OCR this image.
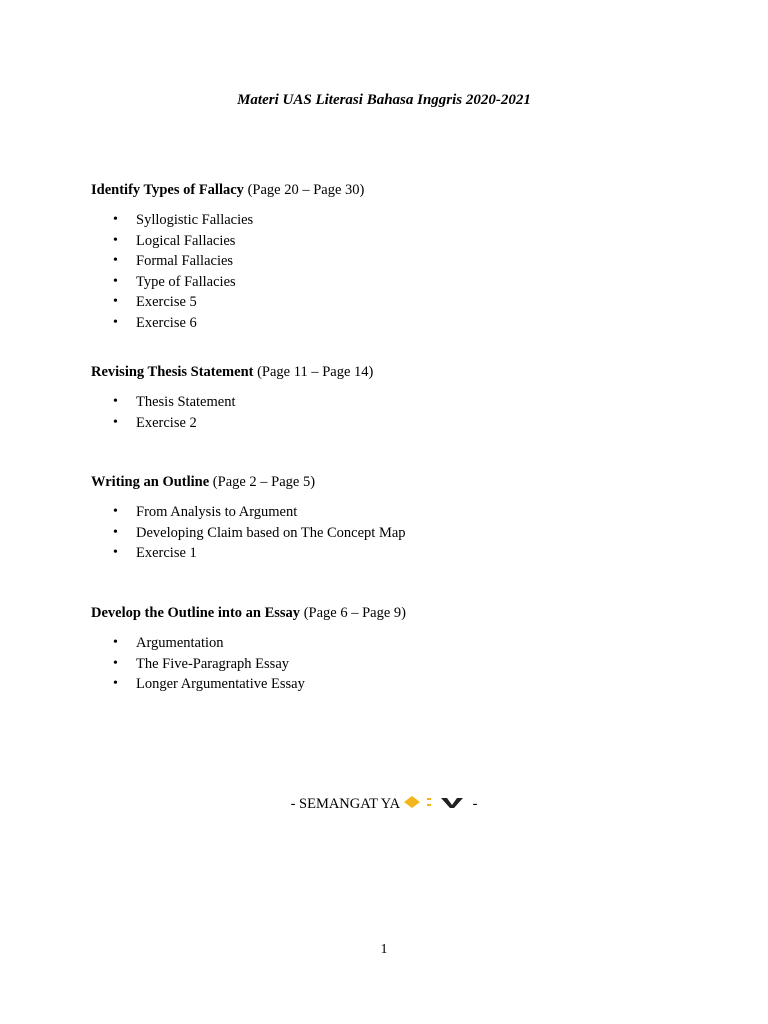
Materi UAS Literasi Bahasa Inggris 2020-2021

Identify Types of Fallacy (Page 20 – Page 30)

• Syllogistic Fallacies
• Logical Fallacies
• Formal Fallacies
• Type of Fallacies
• Exercise 5
• Exercise 6

Revising Thesis Statement (Page 11 – Page 14)

• Thesis Statement
• Exercise 2

Writing an Outline (Page 2 – Page 5)

• From Analysis to Argument
• Developing Claim based on The Concept Map
• Exercise 1

Develop the Outline into an Essay (Page 6 – Page 9)

• Argumentation
• The Five-Paragraph Essay
• Longer Argumentative Essay
- SEMANGAT YA	-
1
